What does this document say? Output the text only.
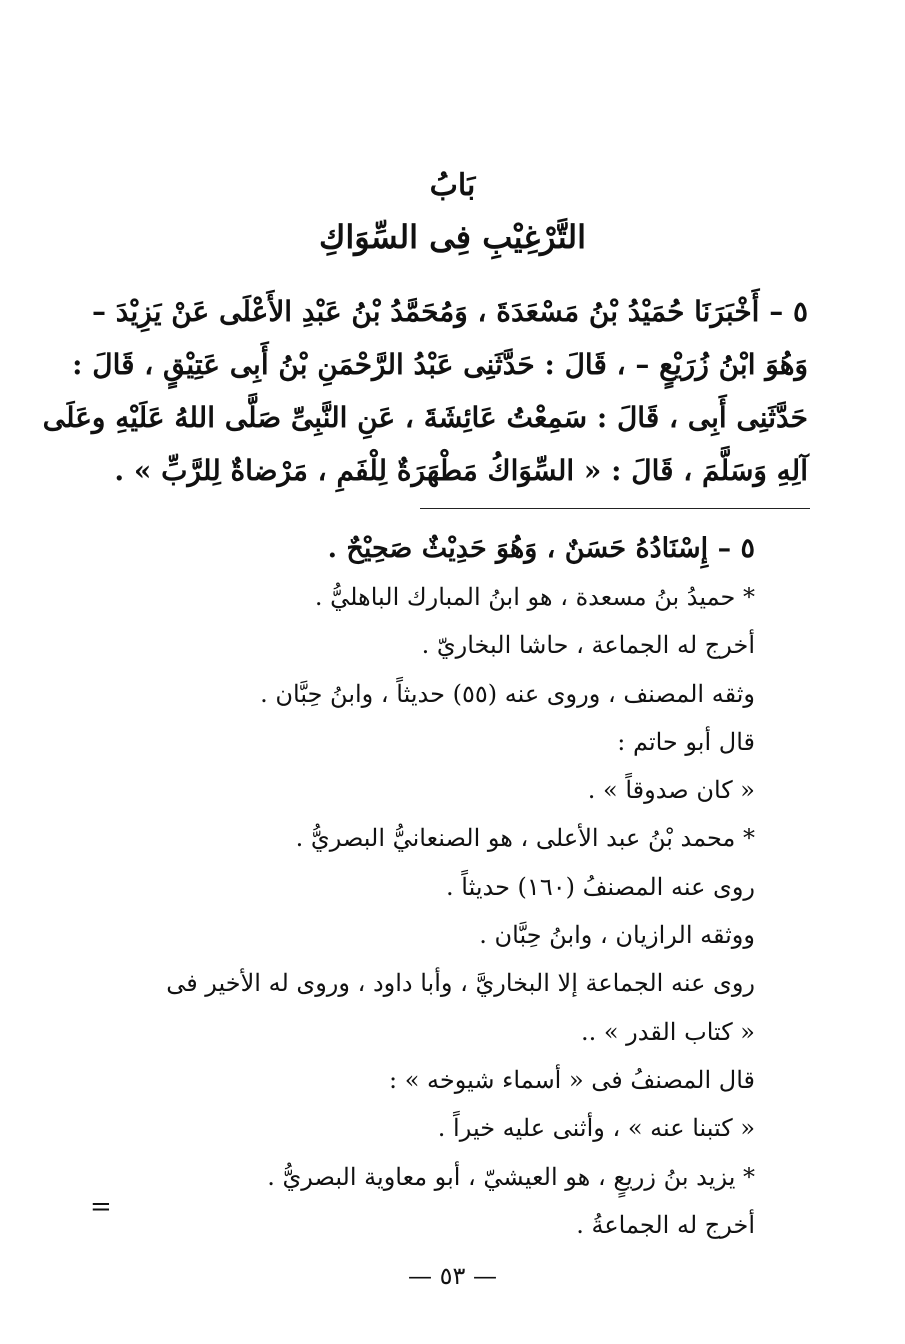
بَابُ
التَّرْغِيْبِ فِى السِّوَاكِ
٥ – أَخْبَرَنَا حُمَيْدُ بْنُ مَسْعَدَةَ ، وَمُحَمَّدُ بْنُ عَبْدِ الأَعْلَى عَنْ يَزِيْدَ –
وَهُوَ ابْنُ زُرَيْعٍ – ، قَالَ : حَدَّثَنِى عَبْدُ الرَّحْمَنِ بْنُ أَبِى عَتِيْقٍ ، قَالَ :
حَدَّثَنِى أَبِى ، قَالَ : سَمِعْتُ عَائِشَةَ ، عَنِ النَّبِىِّ صَلَّى اللهُ عَلَيْهِ وعَلَى
آلِهِ وَسَلَّمَ ، قَالَ : « السِّوَاكُ مَطْهَرَةٌ لِلْفَمِ ، مَرْضاةٌ لِلرَّبِّ » .
٥ – إِسْنَادُهُ حَسَنٌ ، وَهُوَ حَدِيْثٌ صَحِيْحٌ .
* حميدُ بنُ مسعدة ، هو ابنُ المبارك الباهليُّ .
أخرج له الجماعة ، حاشا البخاريّ .
وثقه المصنف ، وروى عنه (٥٥) حديثاً ، وابنُ حِبَّان .
قال أبو حاتم :
« كان صدوقاً » .
* محمد بْنُ عبد الأعلى ، هو الصنعانيُّ البصريُّ .
روى عنه المصنفُ (١٦٠) حديثاً .
ووثقه الرازيان ، وابنُ حِبَّان .
روى عنه الجماعة إلا البخاريَّ ، وأبا داود ، وروى له الأخير فى
« كتاب القدر » ..
قال المصنفُ فى « أسماء شيوخه » :
« كتبنا عنه » ، وأثنى عليه خيراً .
* يزيد بنُ زريعٍ ، هو العيشيّ ، أبو معاوية البصريُّ .
أخرج له الجماعةُ .
=
— ٥٣ —
